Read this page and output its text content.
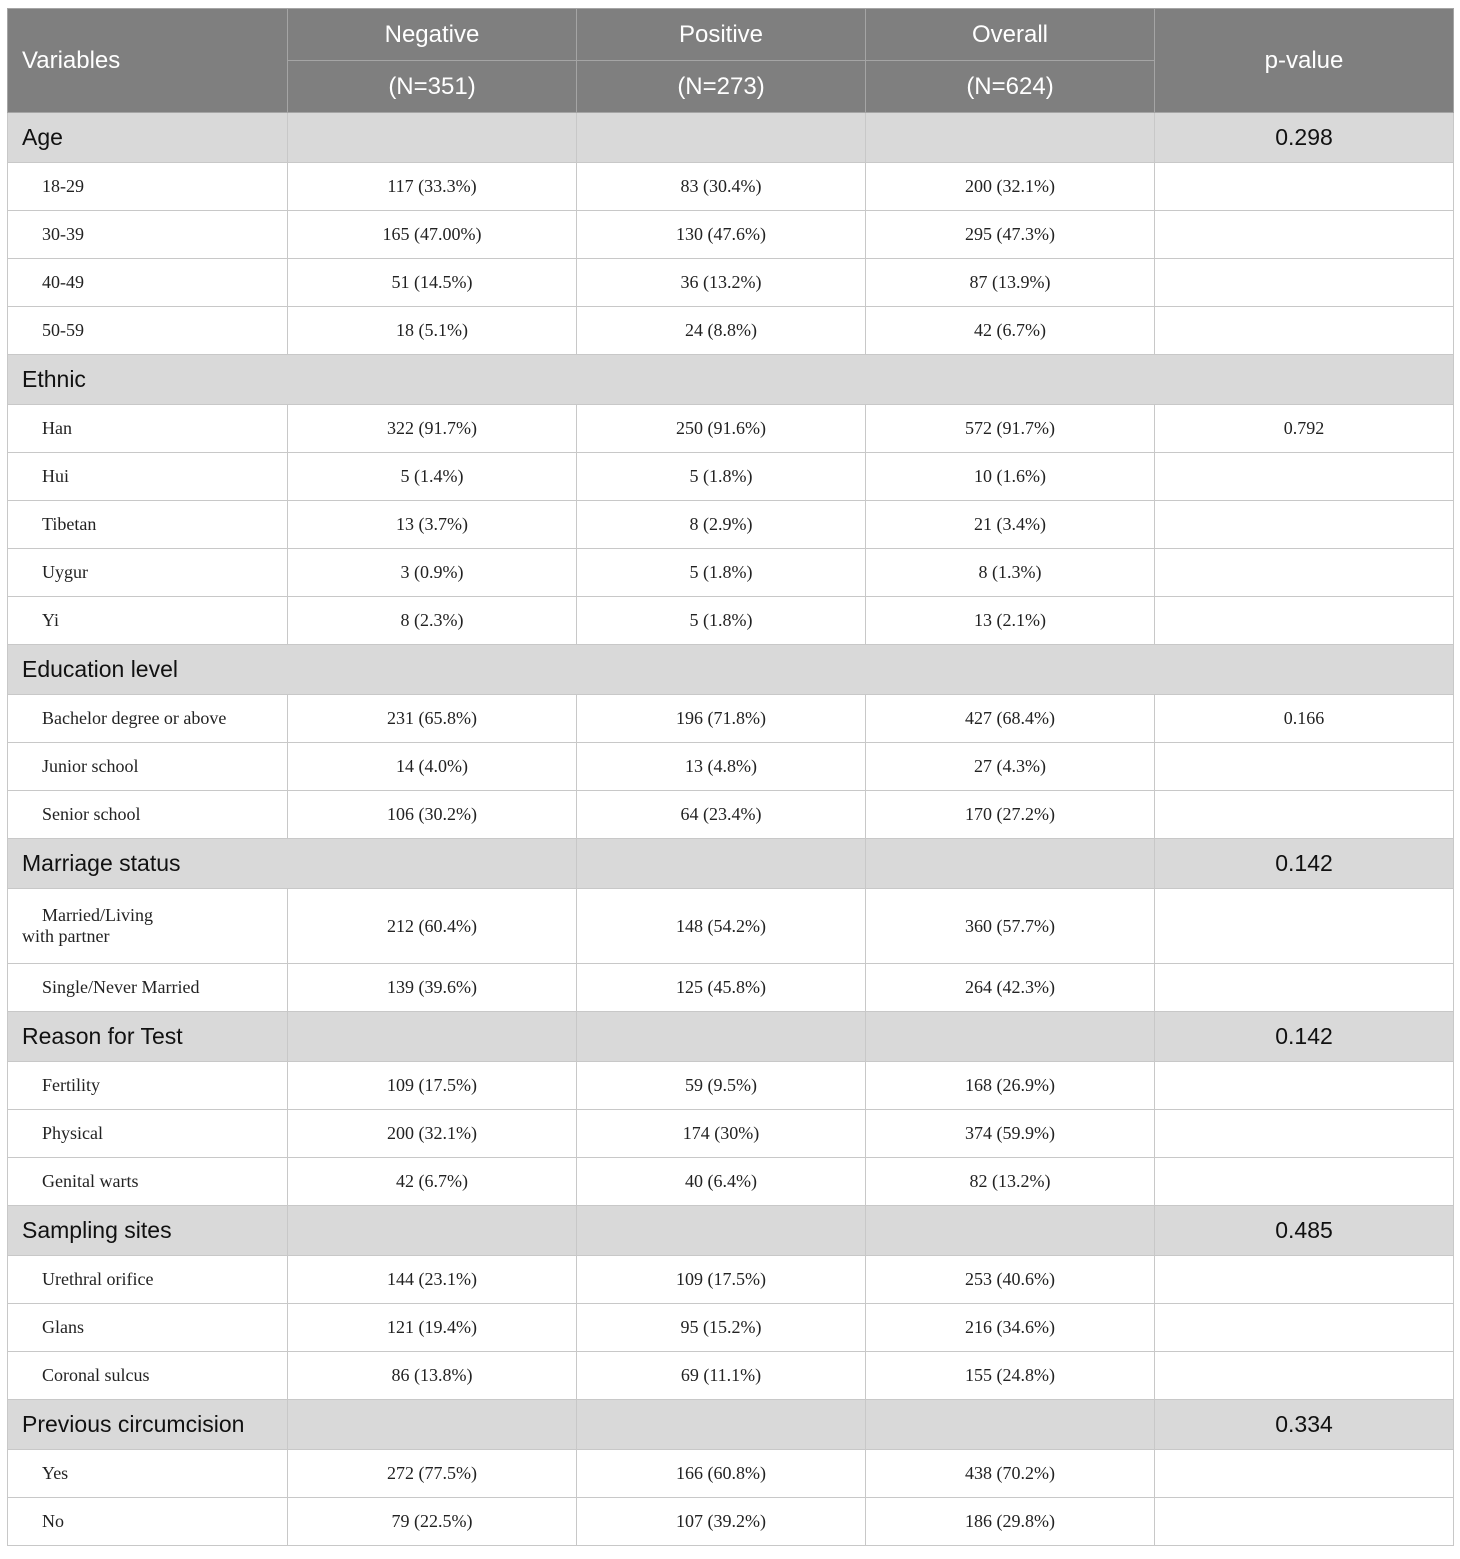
Variables	Negative	Positive	Overall	p-value
	(N=351)	(N=273)	(N=624)	
Age				0.298
18-29	117 (33.3%)	83 (30.4%)	200 (32.1%)	
30-39	165 (47.00%)	130 (47.6%)	295 (47.3%)	
40-49	51 (14.5%)	36 (13.2%)	87 (13.9%)	
50-59	18 (5.1%)	24 (8.8%)	42 (6.7%)	
Ethnic				
Han	322 (91.7%)	250 (91.6%)	572 (91.7%)	0.792
Hui	5 (1.4%)	5 (1.8%)	10 (1.6%)	
Tibetan	13 (3.7%)	8 (2.9%)	21 (3.4%)	
Uygur	3 (0.9%)	5 (1.8%)	8 (1.3%)	
Yi	8 (2.3%)	5 (1.8%)	13 (2.1%)	
Education level				
Bachelor degree or above	231 (65.8%)	196 (71.8%)	427 (68.4%)	0.166
Junior school	14 (4.0%)	13 (4.8%)	27 (4.3%)	
Senior school	106 (30.2%)	64 (23.4%)	170 (27.2%)	
Marriage status				0.142

Married/Living
with partner	212 (60.4%)	148 (54.2%)	360 (57.7%)	
Single/Never Married	139 (39.6%)	125 (45.8%)	264 (42.3%)	
Reason for Test				0.142
Fertility	109 (17.5%)	59 (9.5%)	168 (26.9%)	
Physical	200 (32.1%)	174 (30%)	374 (59.9%)	
Genital warts	42 (6.7%)	40 (6.4%)	82 (13.2%)	
Sampling sites				0.485
Urethral orifice	144 (23.1%)	109 (17.5%)	253 (40.6%)	
Glans	121 (19.4%)	95 (15.2%)	216 (34.6%)	
Coronal sulcus	86 (13.8%)	69 (11.1%)	155 (24.8%)	
Previous circumcision				0.334
Yes	272 (77.5%)	166 (60.8%)	438 (70.2%)	
No	79 (22.5%)	107 (39.2%)	186 (29.8%)	
